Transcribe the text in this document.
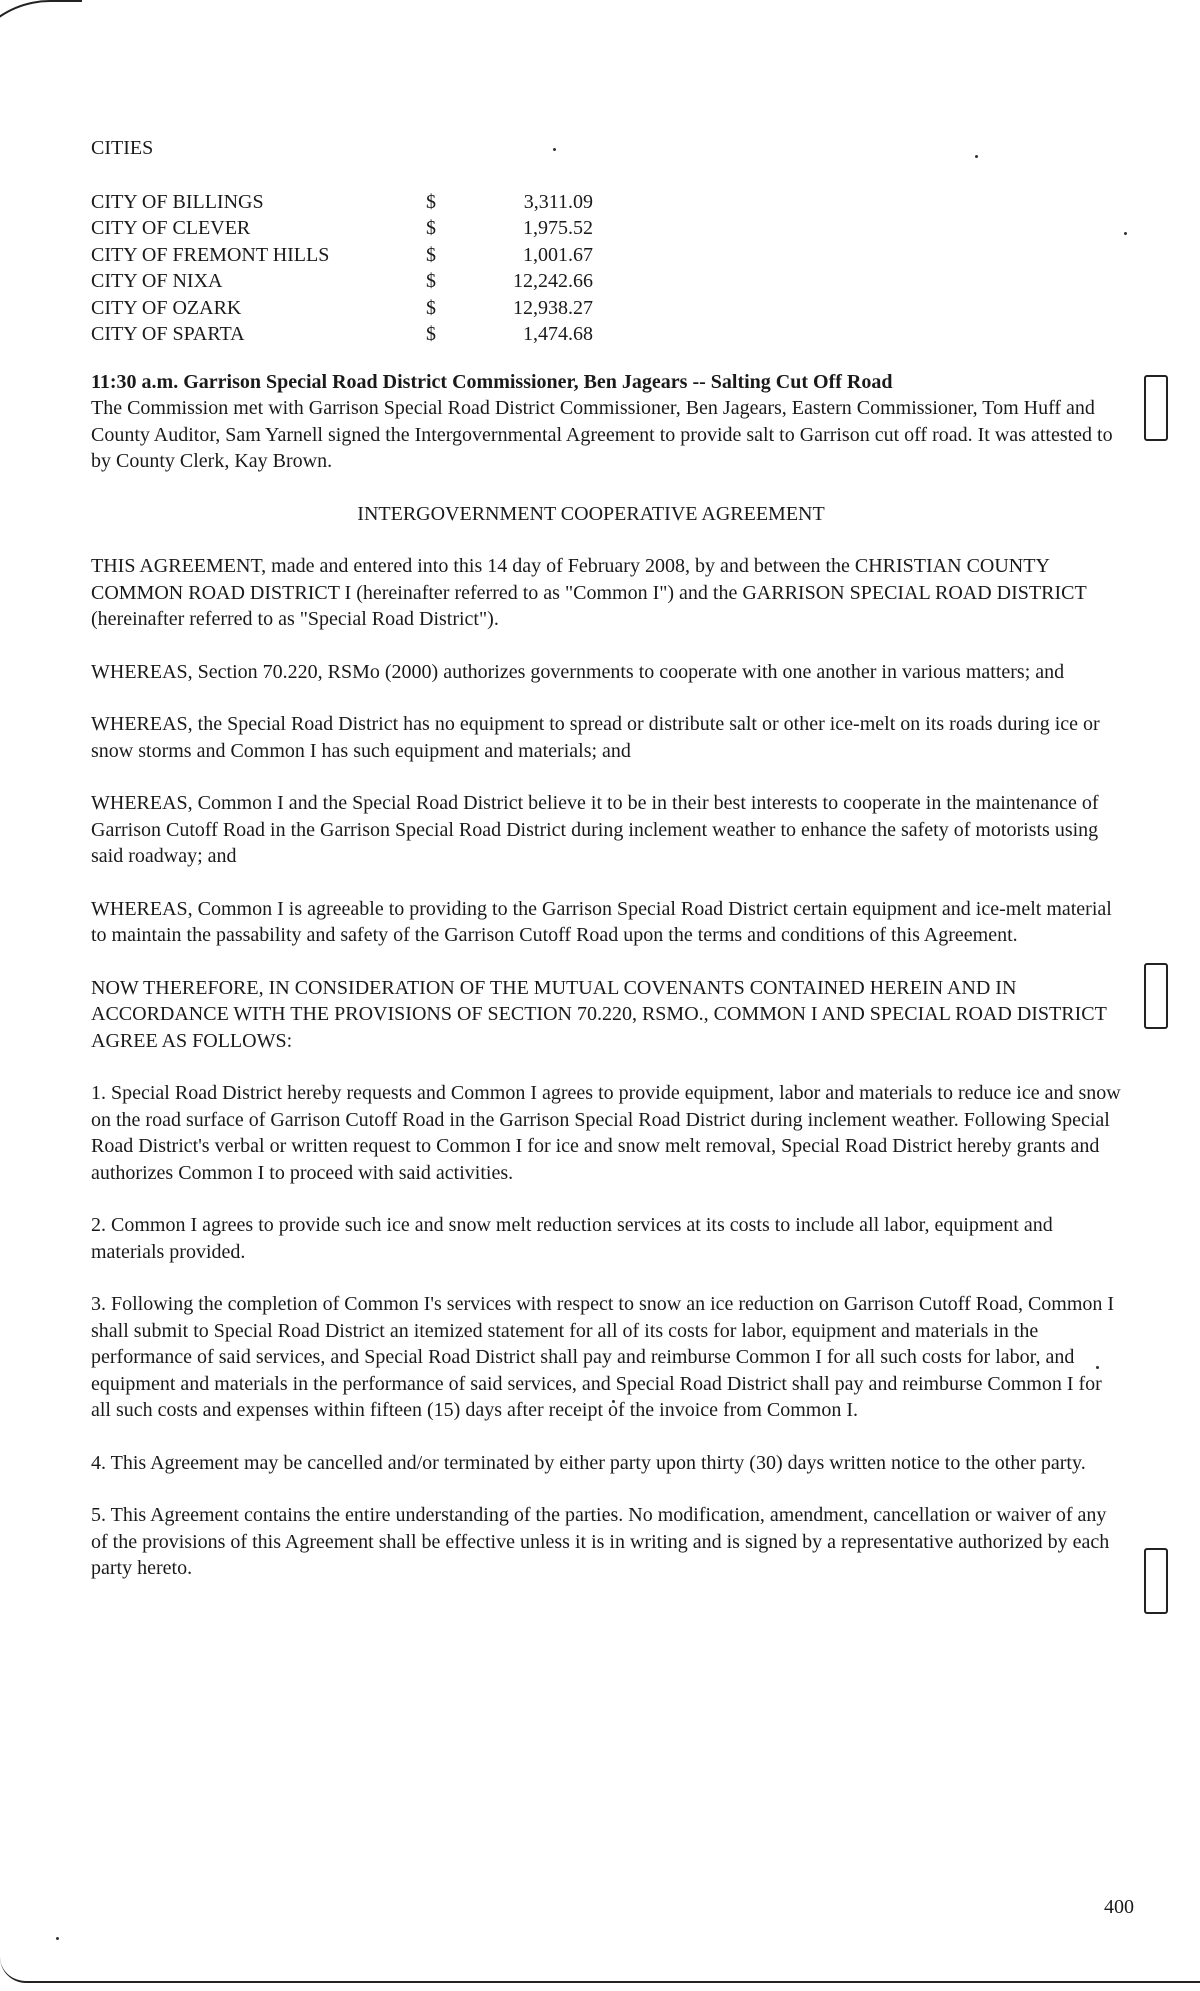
CITIES

CITY OF BILLINGS	$	3,311.09
CITY OF CLEVER	$	1,975.52
CITY OF FREMONT HILLS	$	1,001.67
CITY OF NIXA	$	12,242.66
CITY OF OZARK	$	12,938.27
CITY OF SPARTA	$	1,474.68

11:30 a.m. Garrison Special Road District Commissioner, Ben Jagears -- Salting Cut Off Road

The Commission met with Garrison Special Road District Commissioner, Ben Jagears, Eastern Commissioner, Tom Huff and County Auditor, Sam Yarnell signed the Intergovernmental Agreement to provide salt to Garrison cut off road. It was attested to by County Clerk, Kay Brown.

INTERGOVERNMENT COOPERATIVE AGREEMENT

THIS AGREEMENT, made and entered into this 14 day of February 2008, by and between the CHRISTIAN COUNTY COMMON ROAD DISTRICT I (hereinafter referred to as "Common I") and the GARRISON SPECIAL ROAD DISTRICT (hereinafter referred to as "Special Road District").

WHEREAS, Section 70.220, RSMo (2000) authorizes governments to cooperate with one another in various matters; and

WHEREAS, the Special Road District has no equipment to spread or distribute salt or other ice-melt on its roads during ice or snow storms and Common I has such equipment and materials; and

WHEREAS, Common I and the Special Road District believe it to be in their best interests to cooperate in the maintenance of Garrison Cutoff Road in the Garrison Special Road District during inclement weather to enhance the safety of motorists using said roadway; and

WHEREAS, Common I is agreeable to providing to the Garrison Special Road District certain equipment and ice-melt material to maintain the passability and safety of the Garrison Cutoff Road upon the terms and conditions of this Agreement.

NOW THEREFORE, IN CONSIDERATION OF THE MUTUAL COVENANTS CONTAINED HEREIN AND IN ACCORDANCE WITH THE PROVISIONS OF SECTION 70.220, RSMO., COMMON I AND SPECIAL ROAD DISTRICT AGREE AS FOLLOWS:

1. Special Road District hereby requests and Common I agrees to provide equipment, labor and materials to reduce ice and snow on the road surface of Garrison Cutoff Road in the Garrison Special Road District during inclement weather. Following Special Road District's verbal or written request to Common I for ice and snow melt removal, Special Road District hereby grants and authorizes Common I to proceed with said activities.

2. Common I agrees to provide such ice and snow melt reduction services at its costs to include all labor, equipment and materials provided.

3. Following the completion of Common I's services with respect to snow an ice reduction on Garrison Cutoff Road, Common I shall submit to Special Road District an itemized statement for all of its costs for labor, equipment and materials in the performance of said services, and Special Road District shall pay and reimburse Common I for all such costs for labor, and equipment and materials in the performance of said services, and Special Road District shall pay and reimburse Common I for all such costs and expenses within fifteen (15) days after receipt of the invoice from Common I.

4. This Agreement may be cancelled and/or terminated by either party upon thirty (30) days written notice to the other party.

5. This Agreement contains the entire understanding of the parties. No modification, amendment, cancellation or waiver of any of the provisions of this Agreement shall be effective unless it is in writing and is signed by a representative authorized by each party hereto.

400
